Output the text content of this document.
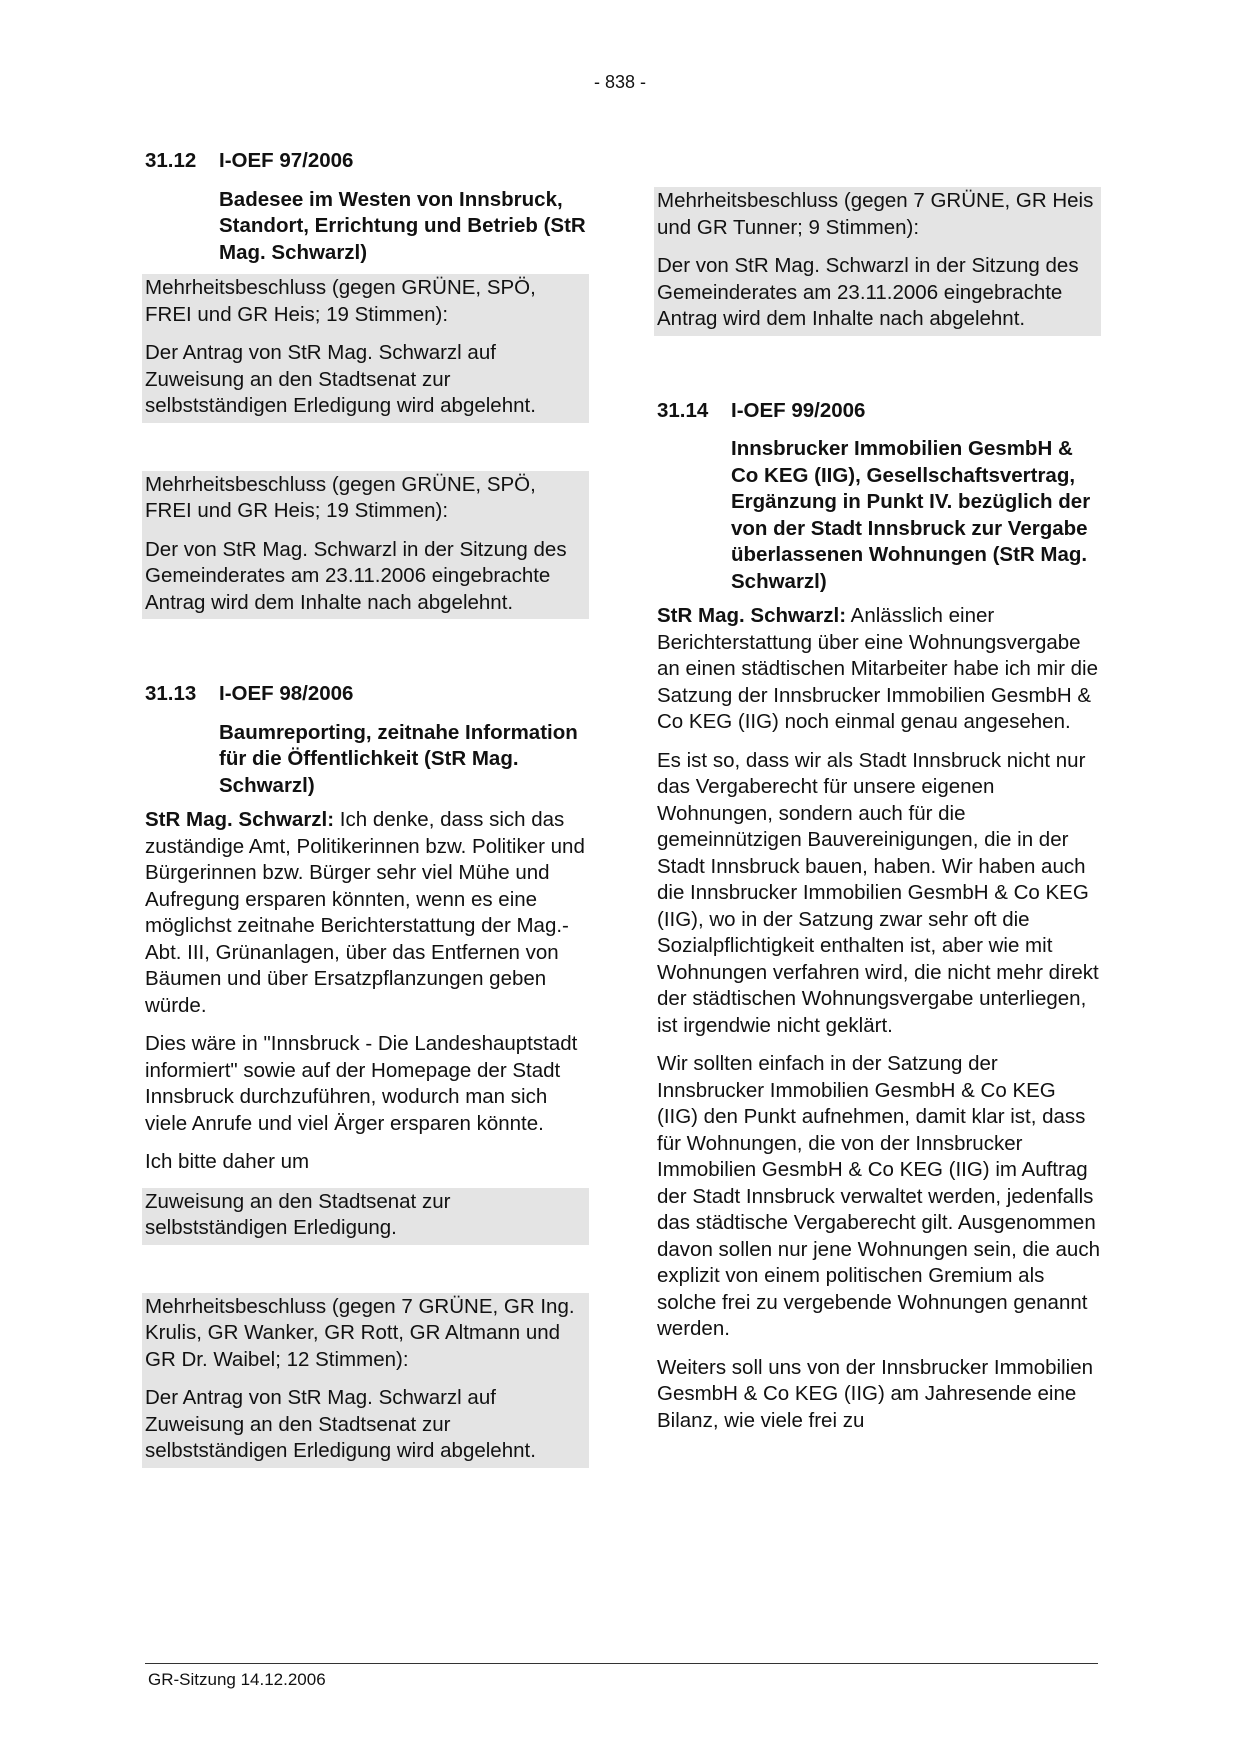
- 838 -
31.12	I-OEF 97/2006
Badesee im Westen von Innsbruck, Standort, Errichtung und Betrieb (StR Mag. Schwarzl)

Mehrheitsbeschluss (gegen GRÜNE, SPÖ, FREI und GR Heis; 19 Stimmen):

Der Antrag von StR Mag. Schwarzl auf Zuweisung an den Stadtsenat zur selbstständigen Erledigung wird abgelehnt.

Mehrheitsbeschluss (gegen GRÜNE, SPÖ, FREI und GR Heis; 19 Stimmen):

Der von StR Mag. Schwarzl in der Sitzung des Gemeinderates am 23.11.2006 eingebrachte Antrag wird dem Inhalte nach abgelehnt.

31.13	I-OEF 98/2006
Baumreporting, zeitnahe Information für die Öffentlichkeit (StR Mag. Schwarzl)

StR Mag. Schwarzl: Ich denke, dass sich das zuständige Amt, Politikerinnen bzw. Politiker und Bürgerinnen bzw. Bürger sehr viel Mühe und Aufregung ersparen könnten, wenn es eine möglichst zeitnahe Berichterstattung der Mag.-Abt. III, Grünanlagen, über das Entfernen von Bäumen und über Ersatzpflanzungen geben würde.

Dies wäre in "Innsbruck - Die Landeshauptstadt informiert" sowie auf der Homepage der Stadt Innsbruck durchzuführen, wodurch man sich viele Anrufe und viel Ärger ersparen könnte.

Ich bitte daher um

Zuweisung an den Stadtsenat zur selbstständigen Erledigung.

Mehrheitsbeschluss (gegen 7 GRÜNE, GR Ing. Krulis, GR Wanker, GR Rott, GR Altmann und GR Dr. Waibel; 12 Stimmen):

Der Antrag von StR Mag. Schwarzl auf Zuweisung an den Stadtsenat zur selbstständigen Erledigung wird abgelehnt.

Mehrheitsbeschluss (gegen 7 GRÜNE, GR Heis und GR Tunner; 9 Stimmen):

Der von StR Mag. Schwarzl in der Sitzung des Gemeinderates am 23.11.2006 eingebrachte Antrag wird dem Inhalte nach abgelehnt.

31.14	I-OEF 99/2006
Innsbrucker Immobilien GesmbH & Co KEG (IIG), Gesellschaftsvertrag, Ergänzung in Punkt IV. bezüglich der von der Stadt Innsbruck zur Vergabe überlassenen Wohnungen (StR Mag. Schwarzl)

StR Mag. Schwarzl: Anlässlich einer Berichterstattung über eine Wohnungsvergabe an einen städtischen Mitarbeiter habe ich mir die Satzung der Innsbrucker Immobilien GesmbH & Co KEG (IIG) noch einmal genau angesehen.

Es ist so, dass wir als Stadt Innsbruck nicht nur das Vergaberecht für unsere eigenen Wohnungen, sondern auch für die gemeinnützigen Bauvereinigungen, die in der Stadt Innsbruck bauen, haben. Wir haben auch die Innsbrucker Immobilien GesmbH & Co KEG (IIG), wo in der Satzung zwar sehr oft die Sozialpflichtigkeit enthalten ist, aber wie mit Wohnungen verfahren wird, die nicht mehr direkt der städtischen Wohnungsvergabe unterliegen, ist irgendwie nicht geklärt.

Wir sollten einfach in der Satzung der Innsbrucker Immobilien GesmbH & Co KEG (IIG) den Punkt aufnehmen, damit klar ist, dass für Wohnungen, die von der Innsbrucker Immobilien GesmbH & Co KEG (IIG) im Auftrag der Stadt Innsbruck verwaltet werden, jedenfalls das städtische Vergaberecht gilt. Ausgenommen davon sollen nur jene Wohnungen sein, die auch explizit von einem politischen Gremium als solche frei zu vergebende Wohnungen genannt werden.

Weiters soll uns von der Innsbrucker Immobilien GesmbH & Co KEG (IIG) am Jahresende eine Bilanz, wie viele frei zu

GR-Sitzung 14.12.2006
